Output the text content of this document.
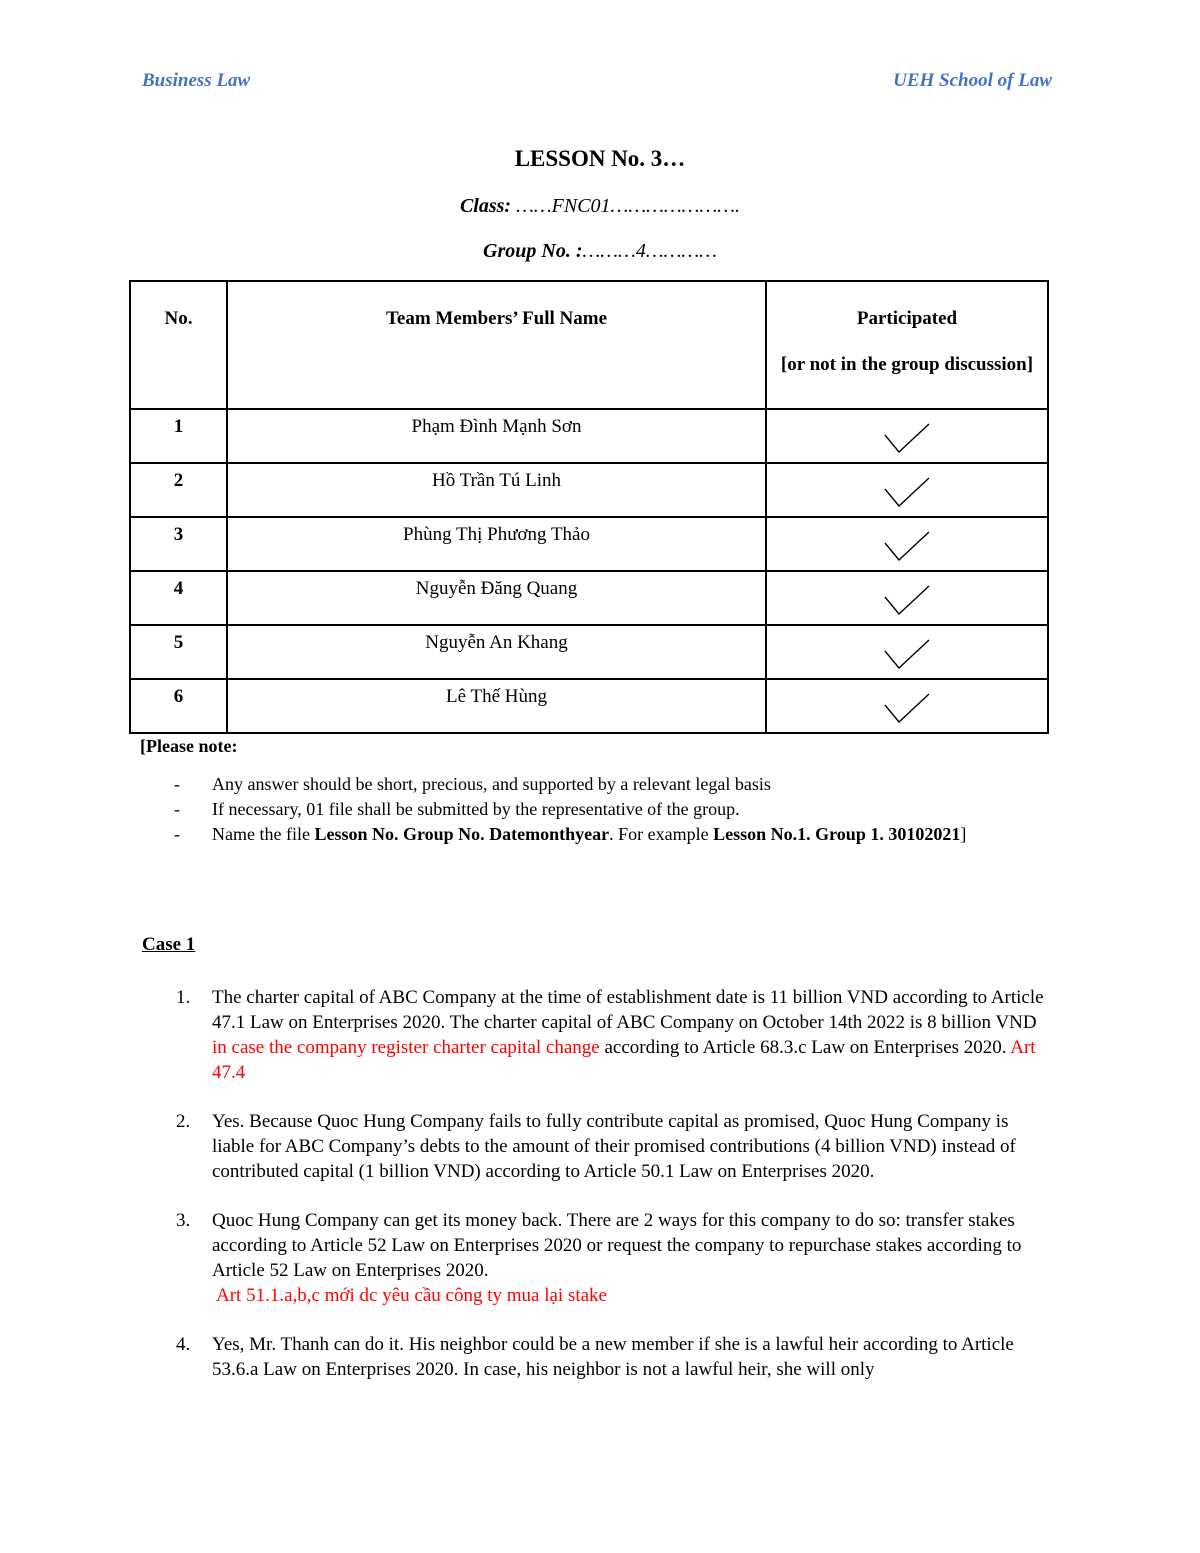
Business Law	UEH School of Law
LESSON No. 3…
Class: ……FNC01………………….
Group No. :………4…………
No.	Team Members’ Full Name	Participated
[or not in the group discussion]

1	Phạm Đình Mạnh Sơn	

2	Hồ Trần Tú Linh	

3	Phùng Thị Phương Thảo	

4	Nguyễn Đăng Quang	

5	Nguyễn An Khang	

6	Lê Thế Hùng	
[Please note:
- Any answer should be short, precious, and supported by a relevant legal basis
- If necessary, 01 file shall be submitted by the representative of the group.
- Name the file Lesson No. Group No. Datemonthyear. For example Lesson No.1. Group 1. 30102021]
Case 1
1. The charter capital of ABC Company at the time of establishment date is 11 billion VND according to Article 47.1 Law on Enterprises 2020. The charter capital of ABC Company on October 14th 2022 is 8 billion VND in case the company register charter capital change according to Article 68.3.c Law on Enterprises 2020. Art 47.4
2. Yes. Because Quoc Hung Company fails to fully contribute capital as promised, Quoc Hung Company is liable for ABC Company’s debts to the amount of their promised contributions (4 billion VND) instead of contributed capital (1 billion VND) according to Article 50.1 Law on Enterprises 2020.
3. Quoc Hung Company can get its money back. There are 2 ways for this company to do so: transfer stakes according to Article 52 Law on Enterprises 2020 or request the company to repurchase stakes according to Article 52 Law on Enterprises 2020.
Art 51.1.a,b,c mới dc yêu cầu công ty mua lại stake
4. Yes, Mr. Thanh can do it. His neighbor could be a new member if she is a lawful heir according to Article 53.6.a Law on Enterprises 2020. In case, his neighbor is not a lawful heir, she will only
